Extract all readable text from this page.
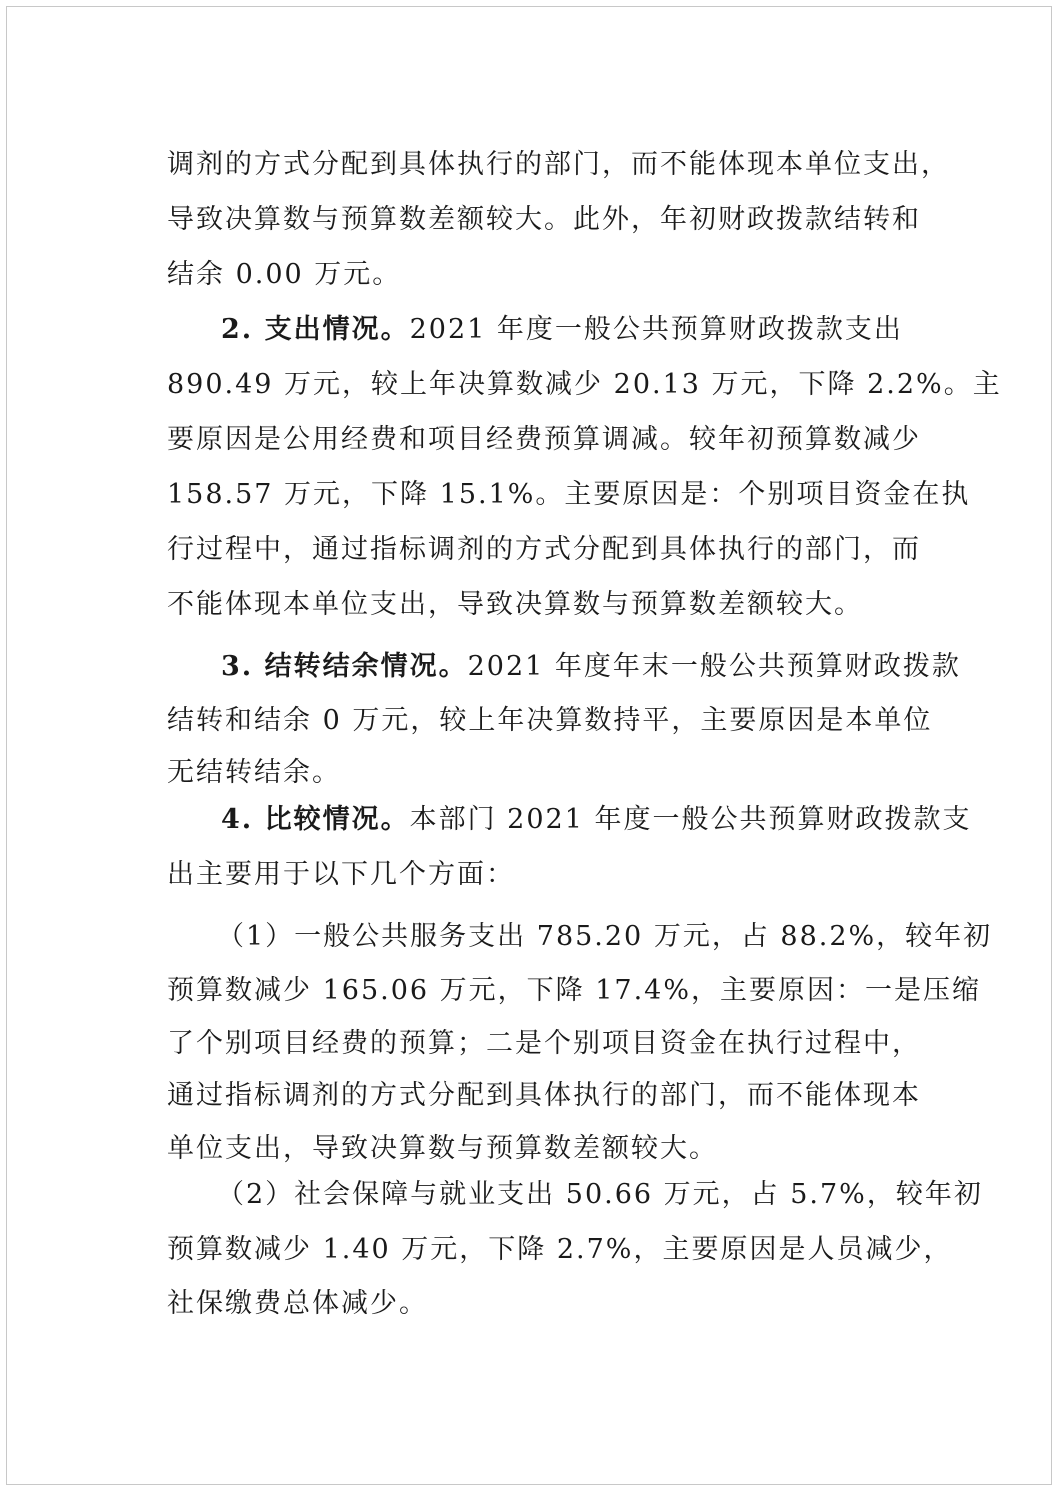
调剂的方式分配到具体执行的部门，而不能体现本单位支出，
导致决算数与预算数差额较大。此外，年初财政拨款结转和
结余 0.00 万元。
2. 支出情况。2021 年度一般公共预算财政拨款支出
890.49 万元，较上年决算数减少 20.13 万元，下降 2.2%。主
要原因是公用经费和项目经费预算调减。较年初预算数减少
158.57 万元，下降 15.1%。主要原因是：个别项目资金在执
行过程中，通过指标调剂的方式分配到具体执行的部门，而
不能体现本单位支出，导致决算数与预算数差额较大。
3. 结转结余情况。2021 年度年末一般公共预算财政拨款
结转和结余 0 万元，较上年决算数持平，主要原因是本单位
无结转结余。
4. 比较情况。本部门 2021 年度一般公共预算财政拨款支
出主要用于以下几个方面：
（1）一般公共服务支出 785.20 万元，占 88.2%，较年初
预算数减少 165.06 万元，下降 17.4%，主要原因：一是压缩
了个别项目经费的预算；二是个别项目资金在执行过程中，
通过指标调剂的方式分配到具体执行的部门，而不能体现本
单位支出，导致决算数与预算数差额较大。
（2）社会保障与就业支出 50.66 万元，占 5.7%，较年初
预算数减少 1.40 万元，下降 2.7%，主要原因是人员减少，
社保缴费总体减少。
